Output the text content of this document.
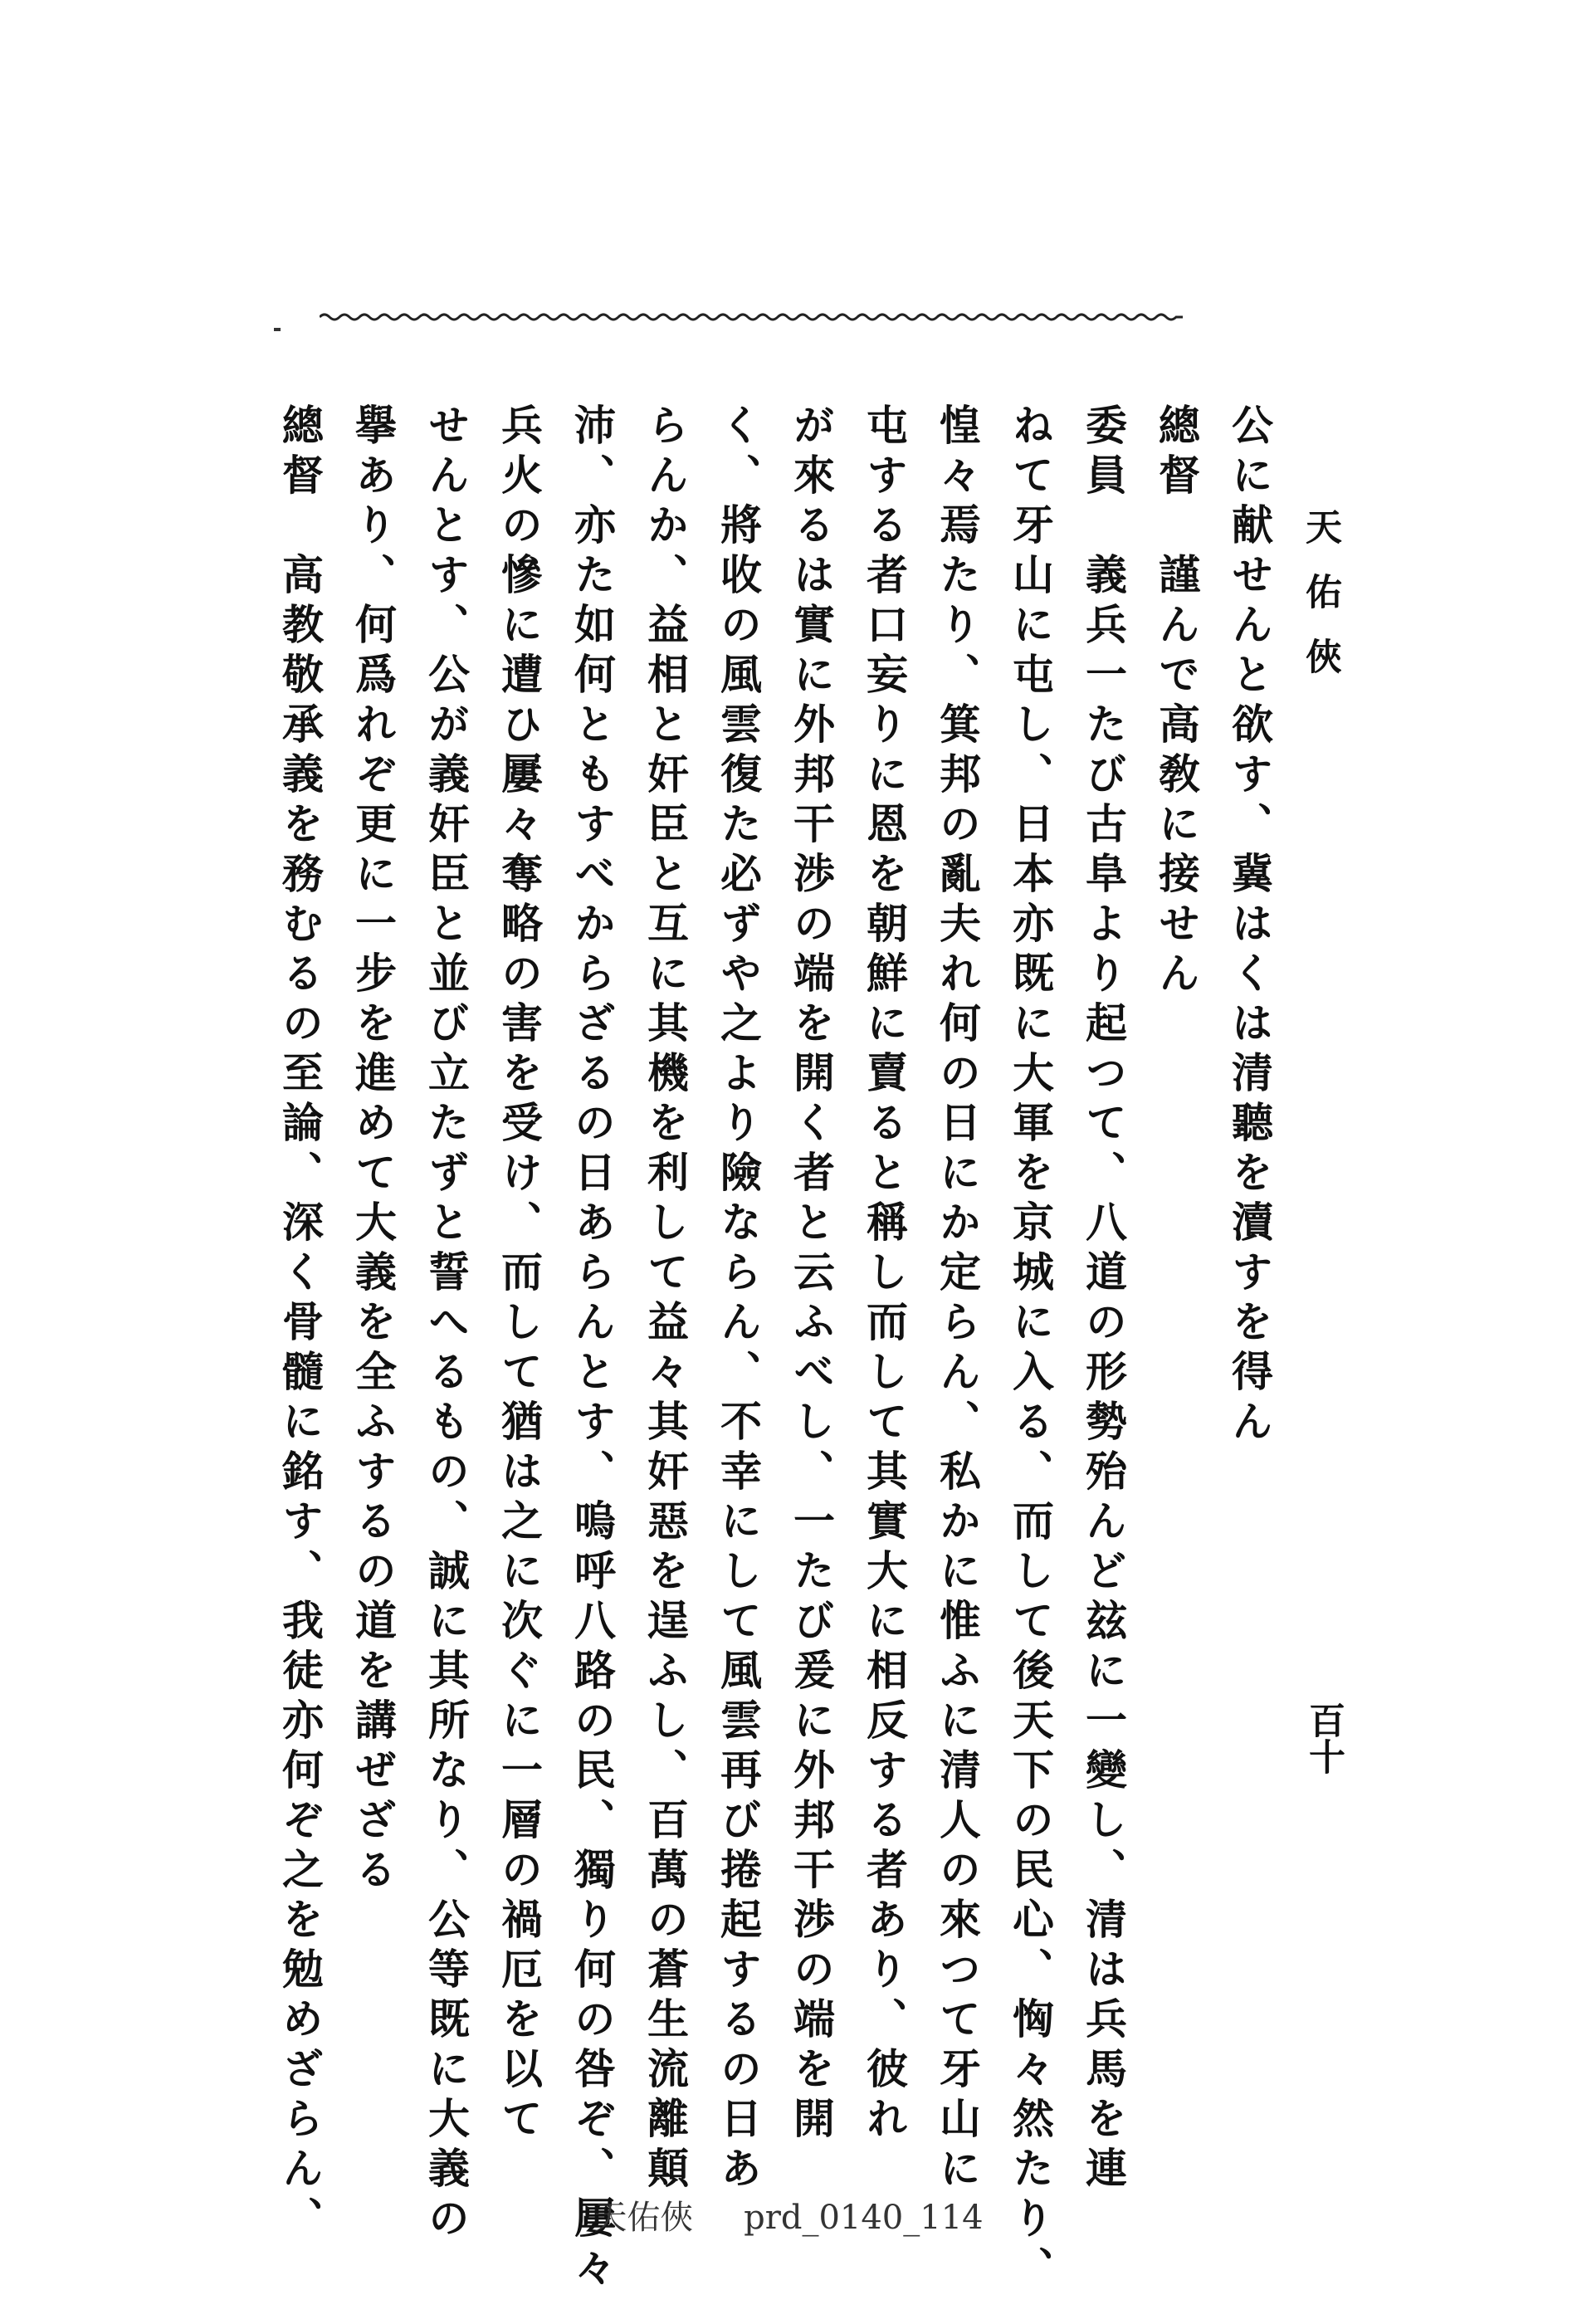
天佑俠
百十
公に献せんと欲す、冀はくは清聽を瀆すを得ん
總督　謹んで高敎に接せん
委員　義兵一たび古阜より起つて、八道の形勢殆んど玆に一變し、清は兵馬を連
ねて牙山に屯し、日本亦既に大軍を京城に入る、而して後天下の民心、恟々然たり、
惶々焉たり、箕邦の亂夫れ何の日にか定らん、私かに惟ふに清人の來つて牙山に
屯する者口妄りに恩を朝鮮に賣ると稱し而して其實大に相反する者あり、彼れ
が來るは實に外邦干渉の端を開く者と云ふべし、一たび爰に外邦干渉の端を開
く、將收の風雲復た必ずや之より險ならん、不幸にして風雲再び捲起するの日あ
らんか、益相と奸臣と互に其機を利して益々其奸惡を逞ふし、百萬の蒼生流離顛
沛、亦た如何ともすべからざるの日あらんとす、嗚呼八路の民、獨り何の咎ぞ、屢々
兵火の慘に遭ひ屢々奪略の害を受け、而して猶は之に次ぐに一層の禍厄を以て
せんとす、公が義奸臣と並び立たずと誓へるもの、誠に其所なり、公等既に大義の
擧あり、何爲れぞ更に一步を進めて大義を全ふするの道を講ぜざる
總督　高教敬承義を務むるの至論、深く骨髓に銘す、我徒亦何ぞ之を勉めざらん、	天佑俠 prd_0140_114
